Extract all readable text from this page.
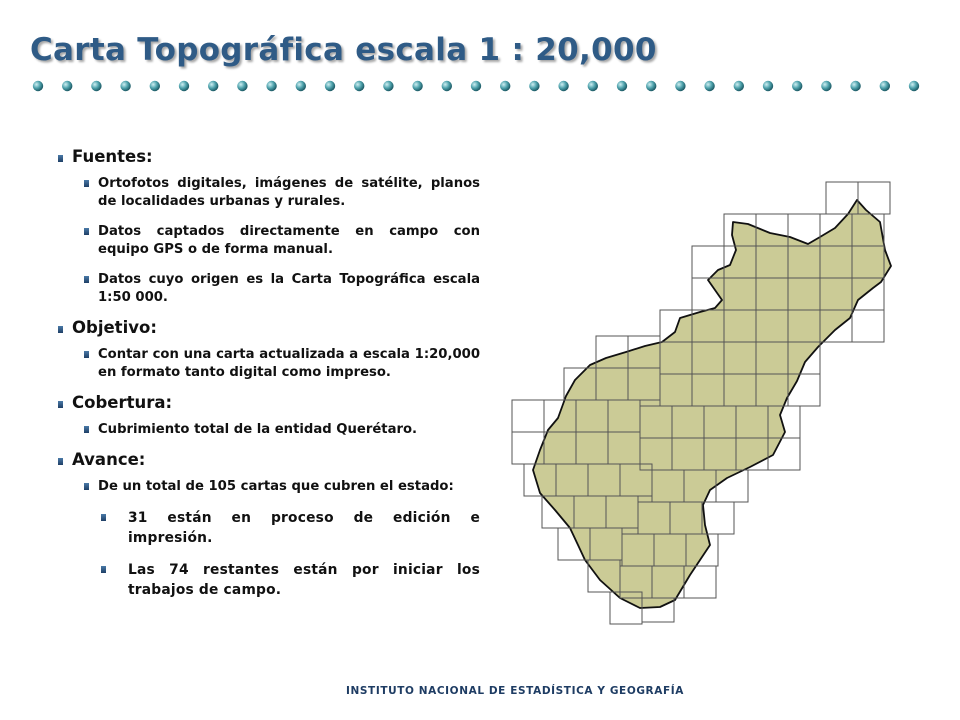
Carta Topográfica escala 1 : 20,000
Fuentes:
Ortofotos digitales, imágenes de satélite, planos de localidades urbanas y rurales.
Datos captados directamente en campo con equipo GPS o de forma manual.
Datos cuyo origen es la Carta Topográfica escala 1:50 000.
Objetivo:
Contar con una carta actualizada a escala 1:20,000 en formato tanto digital como impreso.
Cobertura:
Cubrimiento total de la entidad Querétaro.
Avance:
De un total de 105 cartas que cubren el estado:
31 están en proceso de edición e impresión.
Las 74 restantes están por iniciar los trabajos de campo.
INSTITUTO NACIONAL DE ESTADÍSTICA Y GEOGRAFÍA
